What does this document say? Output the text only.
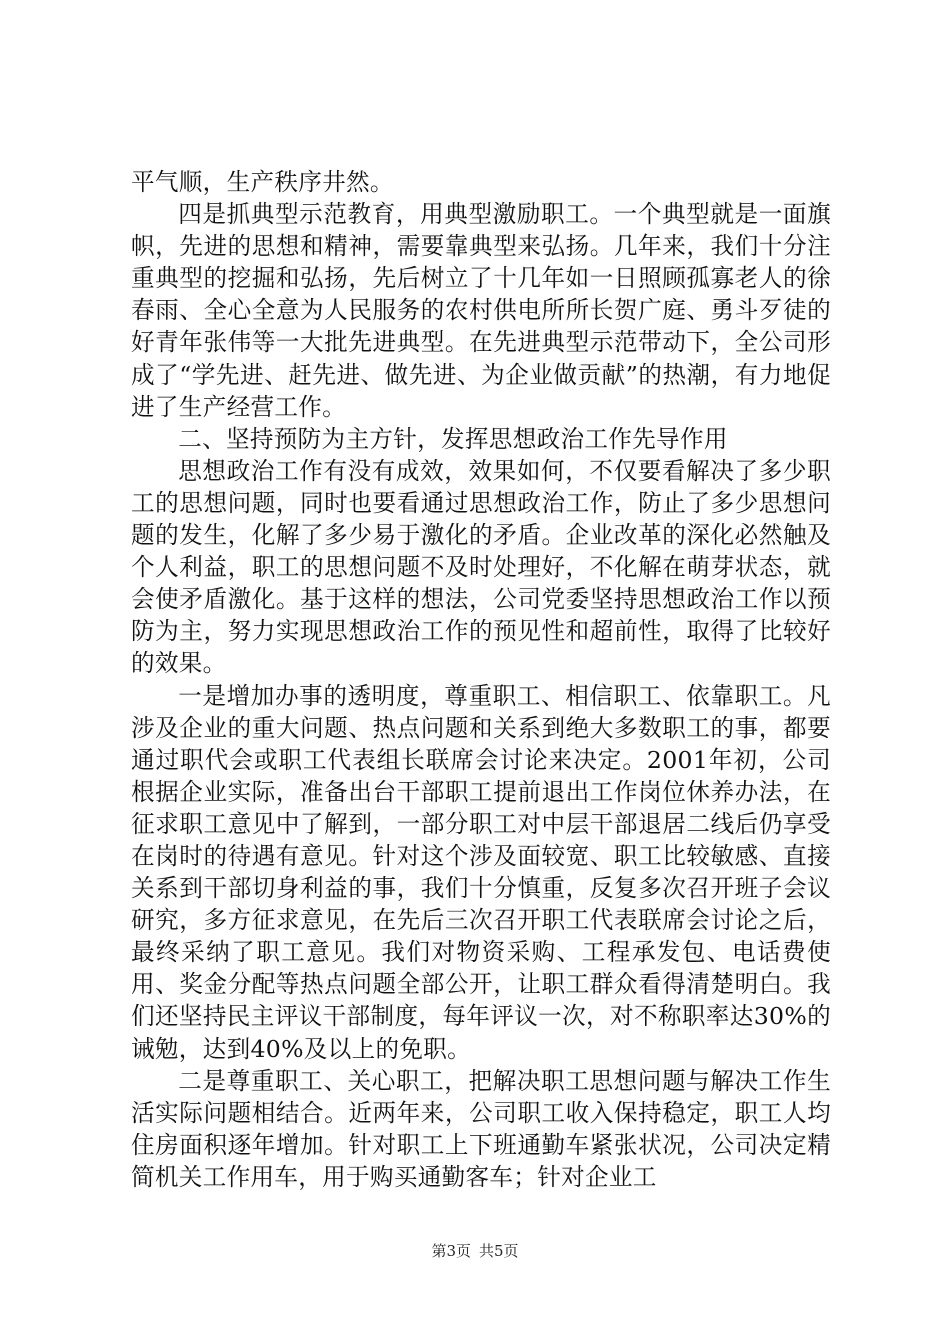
平气顺，生产秩序井然。

四是抓典型示范教育，用典型激励职工。一个典型就是一面旗帜，先进的思想和精神，需要靠典型来弘扬。几年来，我们十分注重典型的挖掘和弘扬，先后树立了十几年如一日照顾孤寡老人的徐春雨、全心全意为人民服务的农村供电所所长贺广庭、勇斗歹徒的好青年张伟等一大批先进典型。在先进典型示范带动下，全公司形成了“学先进、赶先进、做先进、为企业做贡献”的热潮，有力地促进了生产经营工作。

二、坚持预防为主方针，发挥思想政治工作先导作用

思想政治工作有没有成效，效果如何，不仅要看解决了多少职工的思想问题，同时也要看通过思想政治工作，防止了多少思想问题的发生，化解了多少易于激化的矛盾。企业改革的深化必然触及个人利益，职工的思想问题不及时处理好，不化解在萌芽状态，就会使矛盾激化。基于这样的想法，公司党委坚持思想政治工作以预防为主，努力实现思想政治工作的预见性和超前性，取得了比较好的效果。

一是增加办事的透明度，尊重职工、相信职工、依靠职工。凡涉及企业的重大问题、热点问题和关系到绝大多数职工的事，都要通过职代会或职工代表组长联席会讨论来决定。2001年初，公司根据企业实际，准备出台干部职工提前退出工作岗位休养办法，在征求职工意见中了解到，一部分职工对中层干部退居二线后仍享受在岗时的待遇有意见。针对这个涉及面较宽、职工比较敏感、直接关系到干部切身利益的事，我们十分慎重，反复多次召开班子会议研究，多方征求意见，在先后三次召开职工代表联席会讨论之后，最终采纳了职工意见。我们对物资采购、工程承发包、电话费使用、奖金分配等热点问题全部公开，让职工群众看得清楚明白。我们还坚持民主评议干部制度，每年评议一次，对不称职率达30%的诫勉，达到40%及以上的免职。

二是尊重职工、关心职工，把解决职工思想问题与解决工作生活实际问题相结合。近两年来，公司职工收入保持稳定，职工人均住房面积逐年增加。针对职工上下班通勤车紧张状况，公司决定精简机关工作用车，用于购买通勤客车；针对企业工

第3页 共5页
